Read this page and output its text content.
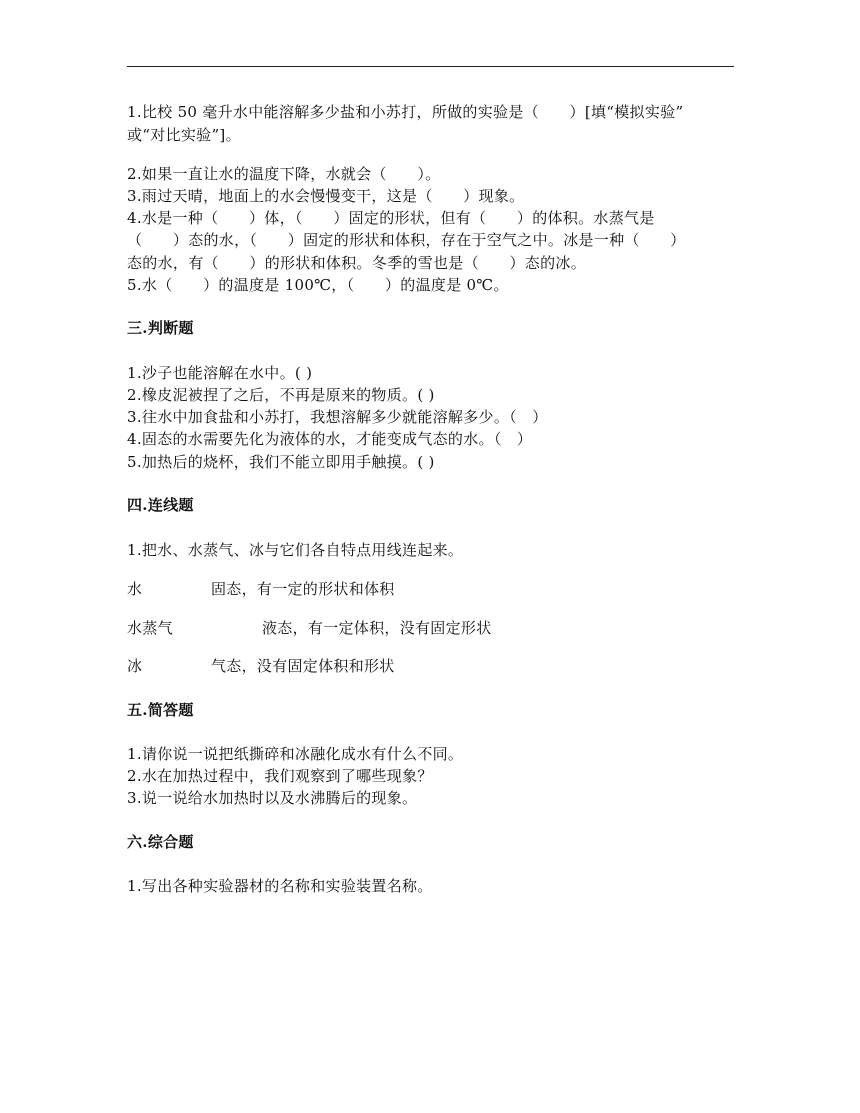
1.比校 50 毫升水中能溶解多少盐和小苏打，所做的实验是（　　）[填“模拟实验”
或“对比实验”]。
2.如果一直让水的温度下降，水就会（　　）。
3.雨过天晴，地面上的水会慢慢变干，这是（　　）现象。
4.水是一种（　　）体，（　　）固定的形状，但有（　　）的体积。水蒸气是
（　　）态的水，（　　）固定的形状和体积，存在于空气之中。冰是一种（　　）
态的水，有（　　）的形状和体积。冬季的雪也是（　　）态的冰。
5.水（　　）的温度是 100℃，（　　）的温度是 0℃。
三.判断题
1.沙子也能溶解在水中。( )
2.橡皮泥被捏了之后，不再是原来的物质。( )
3.往水中加食盐和小苏打，我想溶解多少就能溶解多少。（　）
4.固态的水需要先化为液体的水，才能变成气态的水。（　）
5.加热后的烧杯，我们不能立即用手触摸。( )
四.连线题
1.把水、水蒸气、冰与它们各自特点用线连起来。
水	固态，有一定的形状和体积
水蒸气	液态，有一定体积，没有固定形状
冰	气态，没有固定体积和形状
五.简答题
1.请你说一说把纸撕碎和冰融化成水有什么不同。
2.水在加热过程中，我们观察到了哪些现象？
3.说一说给水加热时以及水沸腾后的现象。
六.综合题
1.写出各种实验器材的名称和实验装置名称。
